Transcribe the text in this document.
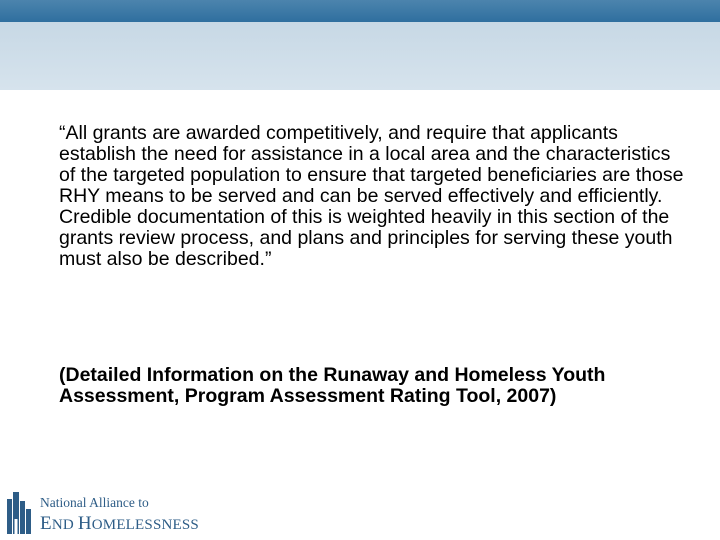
“All grants are awarded competitively, and require that applicants establish the need for assistance in a local area and the characteristics of the targeted population to ensure that targeted beneficiaries are those RHY means to be served and can be served effectively and efficiently. Credible documentation of this is weighted heavily in this section of the grants review process, and plans and principles for serving these youth must also be described.”

(Detailed Information on the Runaway and Homeless Youth Assessment, Program Assessment Rating Tool, 2007)

National Alliance to
END HOMELESSNESS
